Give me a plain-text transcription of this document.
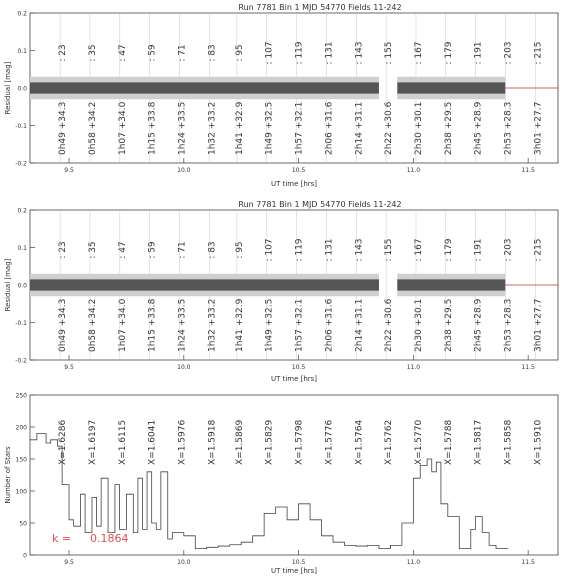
Run 7781 Bin 1 MJD 54770 Fields 11-242
-0.2
-0.1
0.0
0.1
0.2
9.5	10.0	10.5	11.0	11.5
: 23
0h49 +34.3
: 35
0h58 +34.2
: 47
1h07 +34.0
: 59
1h15 +33.8
: 71
1h24 +33.5
: 83
1h32 +33.2
: 95
1h41 +32.9
: 107
1h49 +32.5
: 119
1h57 +32.1
: 131
2h06 +31.6
: 143
2h14 +31.1
: 155
2h22 +30.6
: 167
2h30 +30.1
: 179
2h38 +29.5
: 191
2h45 +28.9
: 203
2h53 +28.3
: 215
3h01 +27.7
UT time [hrs]
Residual [mag]
Run 7781 Bin 1 MJD 54770 Fields 11-242
-0.2
-0.1
0.0
0.1
0.2
9.5	10.0	10.5	11.0	11.5
: 23
0h49 +34.3
: 35
0h58 +34.2
: 47
1h07 +34.0
: 59
1h15 +33.8
: 71
1h24 +33.5
: 83
1h32 +33.2
: 95
1h41 +32.9
: 107
1h49 +32.5
: 119
1h57 +32.1
: 131
2h06 +31.6
: 143
2h14 +31.1
: 155
2h22 +30.6
: 167
2h30 +30.1
: 179
2h38 +29.5
: 191
2h45 +28.9
: 203
2h53 +28.3
: 215
3h01 +27.7
UT time [hrs]
Residual [mag]
0
50
100
150
200
250
9.5	10.0	10.5	11.0	11.5
X=1.6286 X=1.6197 X=1.6115 X=1.6041 X=1.5976 X=1.5918 X=1.5869 X=1.5829 X=1.5798 X=1.5776 X=1.5764 X=1.5762 X=1.5770 X=1.5788 X=1.5817 X=1.5858 X=1.5910
k = 0.1864
UT time [hrs]
Number of Stars
